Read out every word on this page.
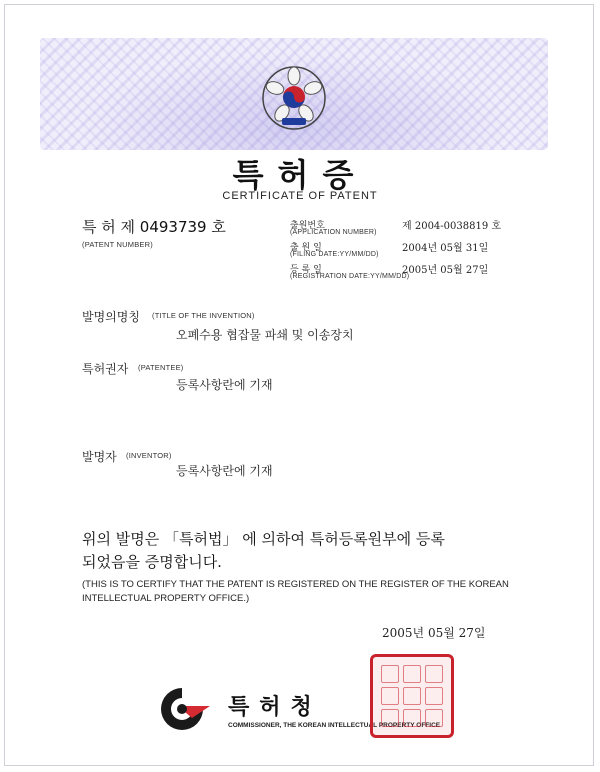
특허증
CERTIFICATE OF PATENT
특 허 제 0493739 호
(PATENT NUMBER)
출원번호
(APPLICATION NUMBER)
제 2004-0038819 호
출 원 일
(FILING DATE:YY/MM/DD)
2004년 05월 31일
등 록 일
(REGISTRATION DATE:YY/MM/DD)
2005년 05월 27일
발명의명칭 (TITLE OF THE INVENTION)
오폐수용 협잡물 파쇄 및 이송장치
특허권자 (PATENTEE)
등록사항란에 기재
발명자 (INVENTOR)
등록사항란에 기재
위의 발명은 「특허법」 에 의하여 특허등록원부에 등록
되었음을 증명합니다.
(THIS IS TO CERTIFY THAT THE PATENT IS REGISTERED ON THE REGISTER OF THE KOREAN
INTELLECTUAL PROPERTY OFFICE.)
2005년 05월 27일
특허청
COMMISSIONER, THE KOREAN INTELLECTUAL PROPERTY OFFICE
